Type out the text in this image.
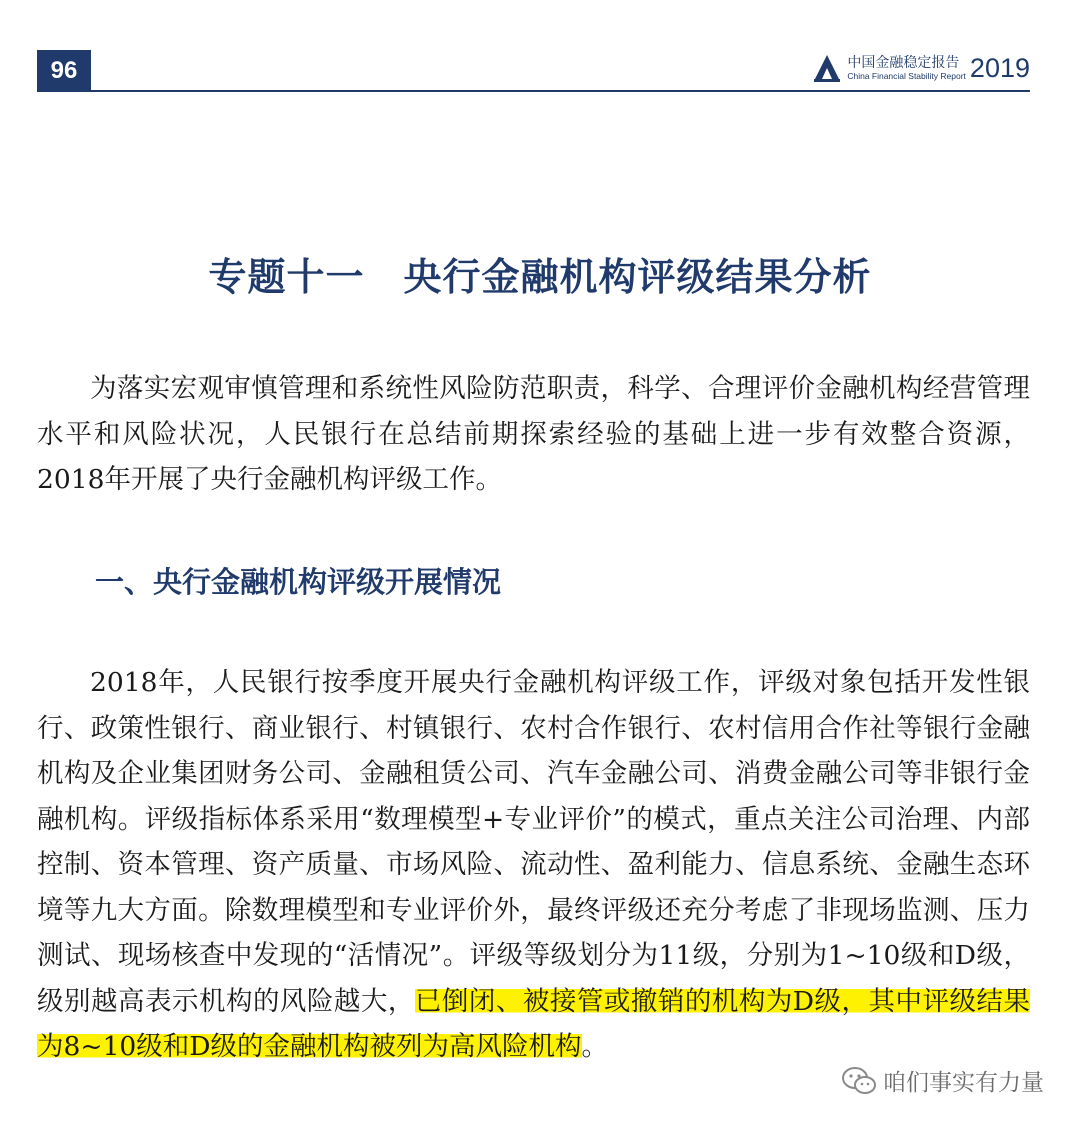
96	中国金融稳定报告
China Financial Stability Report 2019
专题十一　央行金融机构评级结果分析

为落实宏观审慎管理和系统性风险防范职责，科学、合理评价金融机构经营管理水平和风险状况，人民银行在总结前期探索经验的基础上进一步有效整合资源，2018年开展了央行金融机构评级工作。

一、央行金融机构评级开展情况

2018年，人民银行按季度开展央行金融机构评级工作，评级对象包括开发性银行、政策性银行、商业银行、村镇银行、农村合作银行、农村信用合作社等银行金融机构及企业集团财务公司、金融租赁公司、汽车金融公司、消费金融公司等非银行金融机构。评级指标体系采用“数理模型+专业评价”的模式，重点关注公司治理、内部控制、资本管理、资产质量、市场风险、流动性、盈利能力、信息系统、金融生态环境等九大方面。除数理模型和专业评价外，最终评级还充分考虑了非现场监测、压力测试、现场核查中发现的“活情况”。评级等级划分为11级，分别为1~10级和D级，级别越高表示机构的风险越大，已倒闭、被接管或撤销的机构为D级，其中评级结果为8~10级和D级的金融机构被列为高风险机构。

咱们事实有力量
